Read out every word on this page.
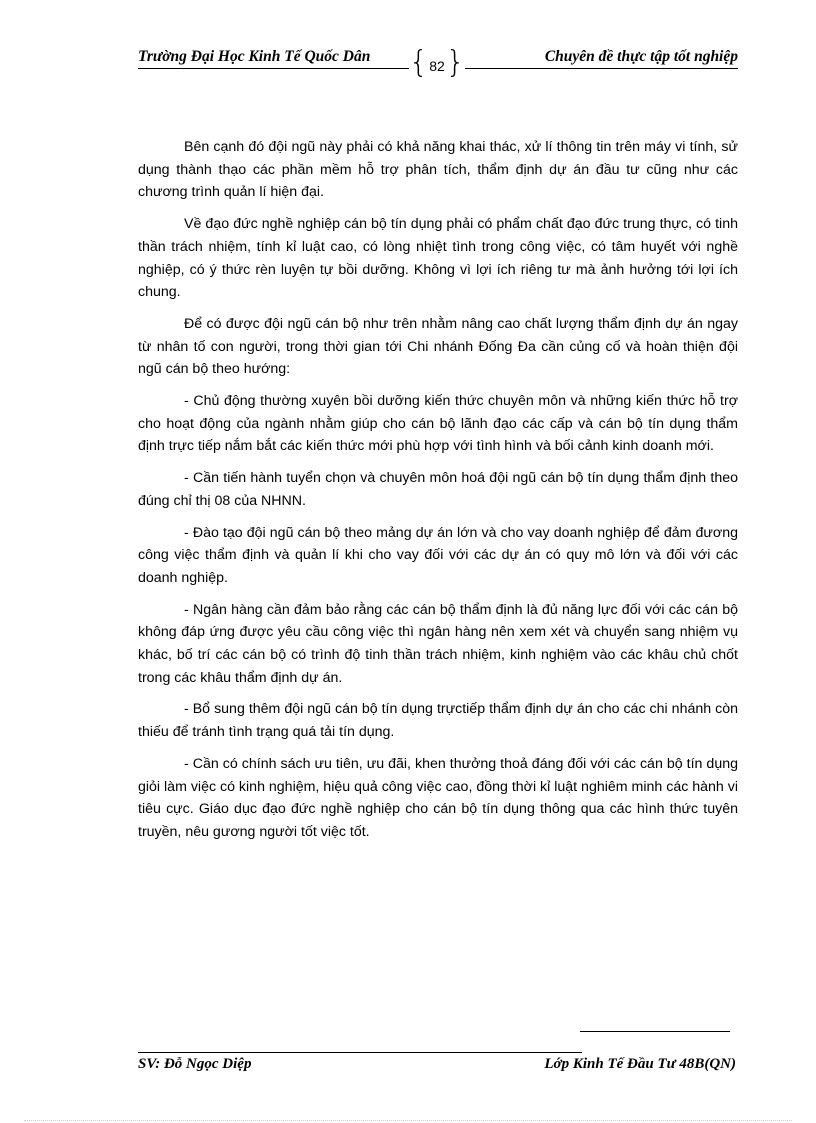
Trường Đại Học Kinh Tế Quốc Dân	Chuyên đề thực tập tốt nghiệp
{ 82 }

Bên cạnh đó đội ngũ này phải có khả năng khai thác, xử lí thông tin trên máy vi tính, sử dụng thành thạo các phần mềm hỗ trợ phân tích, thẩm định dự án đầu tư cũng như các chương trình quản lí hiện đại.

Về đạo đức nghề nghiệp cán bộ tín dụng phải có phẩm chất đạo đức trung thực, có tinh thần trách nhiệm, tính kỉ luật cao, có lòng nhiệt tình trong công việc, có tâm huyết với nghề nghiệp, có ý thức rèn luyện tự bồi dưỡng. Không vì lợi ích riêng tư mà ảnh hưởng tới lợi ích chung.

Để có được đội ngũ cán bộ như trên nhằm nâng cao chất lượng thẩm định dự án ngay từ nhân tố con người, trong thời gian tới Chi nhánh Đống Đa cần củng cố và hoàn thiện đội ngũ cán bộ theo hướng:

- Chủ động thường xuyên bồi dưỡng kiến thức chuyên môn và những kiến thức hỗ trợ cho hoạt động của ngành nhằm giúp cho cán bộ lãnh đạo các cấp và cán bộ tín dụng thẩm định trực tiếp nắm bắt các kiến thức mới phù hợp với tình hình và bối cảnh kinh doanh mới.

- Cần tiến hành tuyển chọn và chuyên môn hoá đội ngũ cán bộ tín dụng thẩm định theo đúng chỉ thị 08 của NHNN.

- Đào tạo đội ngũ cán bộ theo mảng dự án lớn và cho vay doanh nghiệp để đảm đương công việc thẩm định và quản lí khi cho vay đối với các dự án có quy mô lớn và đối với các doanh nghiệp.

- Ngân hàng cần đảm bảo rằng các cán bộ thẩm định là đủ năng lực đối với các cán bộ không đáp ứng được yêu cầu công việc thì ngân hàng nên xem xét và chuyển sang nhiệm vụ khác, bố trí các cán bộ có trình độ tinh thần trách nhiệm, kinh nghiệm vào các khâu chủ chốt trong các khâu thẩm định dự án.

- Bổ sung thêm đội ngũ cán bộ tín dụng trựctiếp thẩm định dự án cho các chi nhánh còn thiếu để tránh tình trạng quá tải tín dụng.

- Cần có chính sách ưu tiên, ưu đãi, khen thưởng thoả đáng đối với các cán bộ tín dụng giỏi làm việc có kinh nghiệm, hiệu quả công việc cao, đồng thời kỉ luật nghiêm minh các hành vi tiêu cực. Giáo dục đạo đức nghề nghiệp cho cán bộ tín dụng thông qua các hình thức tuyên truyền, nêu gương người tốt việc tốt.

SV: Đỗ Ngọc Diệp	Lớp Kinh Tế Đầu Tư 48B(QN)
